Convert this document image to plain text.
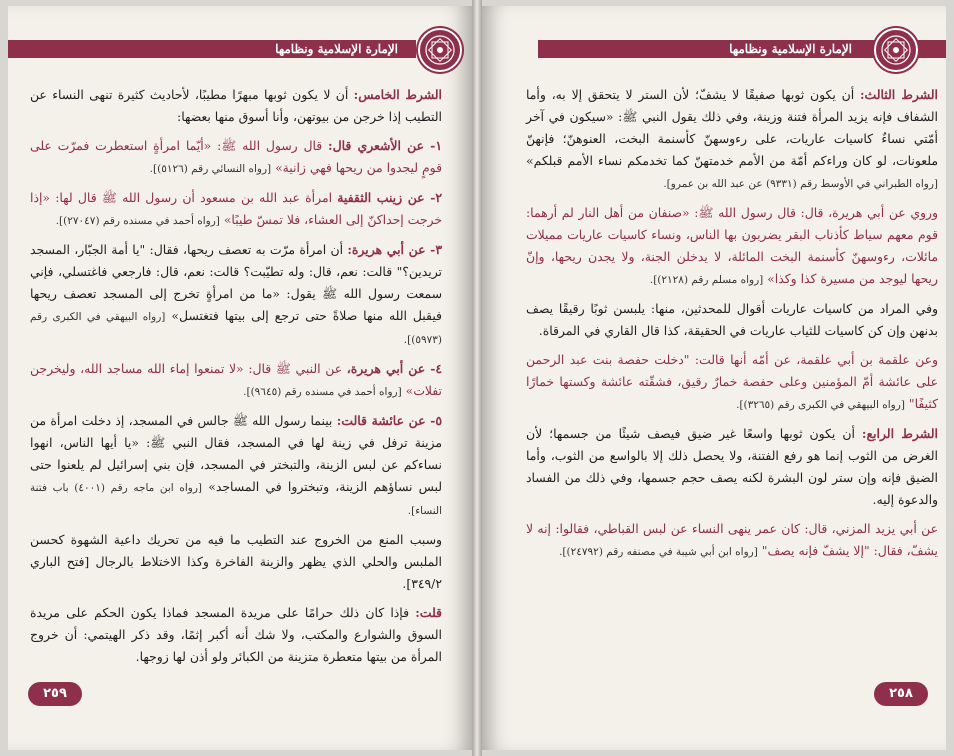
الإمارة الإسلامية ونظامها

الشرط الخامس: أن لا يكون ثوبها مبهرًا مطيبًا، لأحاديث كثيرة تنهى النساء عن التطيب إذا خرجن من بيوتهن، وأنا أسوق منها بعضها:

١- عن الأشعري قال: قال رسول الله ﷺ: «أيّما امرأةٍ استعطرت فمرّت على قومٍ ليجدوا من ريحها فهي زانية» [رواه النسائي رقم (٥١٢٦)].

٢- عن زينب الثقفية امرأة عبد الله بن مسعود أن رسول الله ﷺ قال لها: «إذا خرجت إحداكنّ إلى العشاء، فلا تمسّ طيبًا» [رواه أحمد في مسنده رقم (٢٧٠٤٧)].

٣- عن أبي هريرة: أن امرأة مرّت به تعصف ريحها، فقال: "يا أمة الجبّار، المسجد تريدين؟" قالت: نعم، قال: وله تطيّبت؟ قالت: نعم، قال: فارجعي فاغتسلي، فإني سمعت رسول الله ﷺ يقول: «ما من امرأةٍ تخرج إلى المسجد تعصف ريحها فيقبل الله منها صلاةً حتى ترجع إلى بيتها فتغتسل» [رواه البيهقي في الكبرى رقم (٥٩٧٣)].

٤- عن أبي هريرة، عن النبي ﷺ قال: «لا تمنعوا إماء الله مساجد الله، وليخرجن تفلات» [رواه أحمد في مسنده رقم (٩٦٤٥)].

٥- عن عائشة قالت: بينما رسول الله ﷺ جالس في المسجد، إذ دخلت امرأة من مزينة ترفل في زينة لها في المسجد، فقال النبي ﷺ: «يا أيها الناس، انهوا نساءكم عن لبس الزينة، والتبختر في المسجد، فإن بني إسرائيل لم يلعنوا حتى لبس نساؤهم الزينة، وتبختروا في المساجد» [رواه ابن ماجه رقم (٤٠٠١) باب فتنة النساء].

وسبب المنع من الخروج عند التطيب ما فيه من تحريك داعية الشهوة كحسن الملبس والحلي الذي يظهر والزينة الفاخرة وكذا الاختلاط بالرجال [فتح الباري ٣٤٩/٢].

قلت: فإذا كان ذلك حرامًا على مريدة المسجد فماذا يكون الحكم على مريدة السوق والشوارع والمكتب، ولا شك أنه أكبر إثمًا، وقد ذكر الهيتمي: أن خروج المرأة من بيتها متعطرة متزينة من الكبائر ولو أذن لها زوجها.

٢٥٩
الإمارة الإسلامية ونظامها

الشرط الثالث: أن يكون ثوبها صفيقًا لا يشفّ؛ لأن الستر لا يتحقق إلا به، وأما الشفاف فإنه يزيد المرأة فتنة وزينة، وفي ذلك يقول النبي ﷺ: «سيكون في آخر أمّتي نساءٌ كاسيات عاريات، على رءوسهنّ كأسنمة البخت، العنوهنّ؛ فإنهنّ ملعونات، لو كان وراءكم أمّة من الأمم خدمتهنّ كما تخدمكم نساء الأمم قبلكم» [رواه الطبراني في الأوسط رقم (٩٣٣١) عن عبد الله بن عمرو].

وروي عن أبي هريرة، قال: قال رسول الله ﷺ: «صنفان من أهل النار لم أرهما: قوم معهم سياط كأذناب البقر يضربون بها الناس، ونساء كاسيات عاريات مميلات مائلات، رءوسهنّ كأسنمة البخت المائلة، لا يدخلن الجنة، ولا يجدن ريحها، وإنّ ريحها ليوجد من مسيرة كذا وكذا» [رواه مسلم رقم (٢١٢٨)].

وفي المراد من كاسيات عاريات أقوال للمحدثين، منها: يلبسن ثوبًا رقيقًا يصف بدنهن وإن كن كاسيات للثياب عاريات في الحقيقة، كذا قال القاري في المرقاة.

وعن علقمة بن أبي علقمة، عن أمّه أنها قالت: "دخلت حفصة بنت عبد الرحمن على عائشة أمّ المؤمنين وعلى حفصة خمارٌ رقيق، فشقّته عائشة وكستها خمارًا كثيفًا" [رواه البيهقي في الكبرى رقم (٣٢٦٥)].

الشرط الرابع: أن يكون ثوبها واسعًا غير ضيق فيصف شيئًا من جسمها؛ لأن الغرض من الثوب إنما هو رفع الفتنة، ولا يحصل ذلك إلا بالواسع من الثوب، وأما الضيق فإنه وإن ستر لون البشرة لكنه يصف حجم جسمها، وفي ذلك من الفساد والدعوة إليه.

عن أبي يزيد المزني، قال: كان عمر ينهى النساء عن لبس القباطي، فقالوا: إنه لا يشفّ، فقال: "إلا يشفّ فإنه يصف" [رواه ابن أبي شيبة في مصنفه رقم (٢٤٧٩٢)].

٢٥٨
